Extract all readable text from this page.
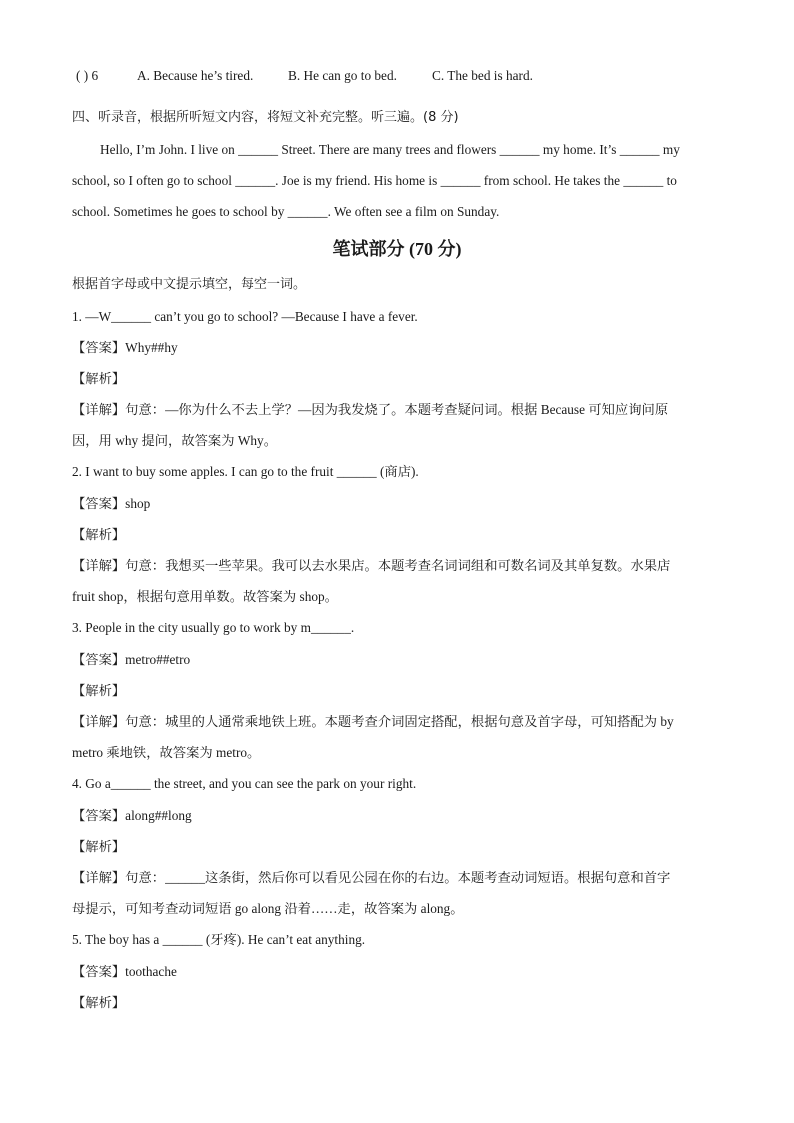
( ) 6	A. Because he’s tired.	B. He can go to bed.	C. The bed is hard.
四、听录音，根据所听短文内容，将短文补充完整。听三遍。(8 分)
Hello, I’m John. I live on ______ Street. There are many trees and flowers ______ my home. It’s ______ my
school, so I often go to school ______. Joe is my friend. His home is ______ from school. He takes the ______ to
school. Sometimes he goes to school by ______. We often see a film on Sunday.
笔试部分 (70 分)
根据首字母或中文提示填空，每空一词。
1. —W______ can’t you go to school? —Because I have a fever.
【答案】Why##hy
【解析】
【详解】句意：—你为什么不去上学？—因为我发烧了。本题考查疑问词。根据 Because 可知应询问原
因，用 why 提问，故答案为 Why。
2. I want to buy some apples. I can go to the fruit ______ (商店).
【答案】shop
【解析】
【详解】句意：我想买一些苹果。我可以去水果店。本题考查名词词组和可数名词及其单复数。水果店
fruit shop，根据句意用单数。故答案为 shop。
3. People in the city usually go to work by m______.
【答案】metro##etro
【解析】
【详解】句意：城里的人通常乘地铁上班。本题考查介词固定搭配，根据句意及首字母，可知搭配为 by
metro 乘地铁，故答案为 metro。
4. Go a______ the street, and you can see the park on your right.
【答案】along##long
【解析】
【详解】句意：______这条街，然后你可以看见公园在你的右边。本题考查动词短语。根据句意和首字
母提示，可知考查动词短语 go along 沿着……走，故答案为 along。
5. The boy has a ______ (牙疼). He can’t eat anything.
【答案】toothache
【解析】
